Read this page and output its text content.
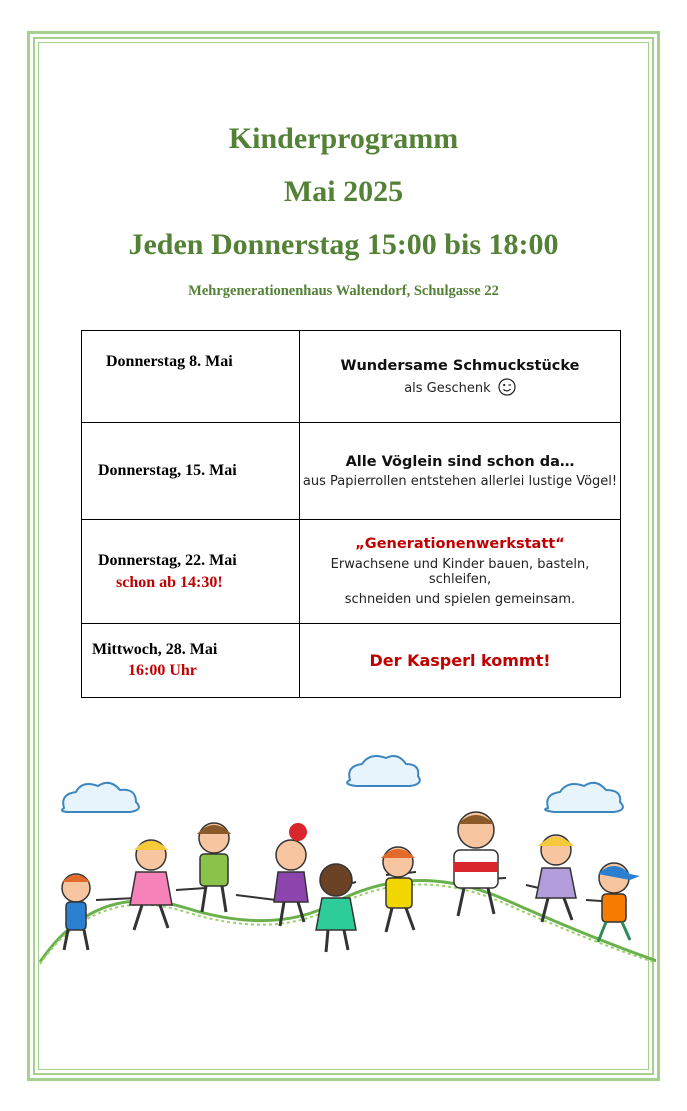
Kinderprogramm
Mai 2025
Jeden Donnerstag 15:00 bis 18:00
Mehrgenerationenhaus Waltendorf, Schulgasse 22
Donnerstag 8. Mai	Wundersame Schmuckstücke
als Geschenk

Donnerstag, 15. Mai	Alle Vöglein sind schon da…
aus Papierrollen entstehen allerlei lustige Vögel!

Donnerstag, 22. Mai
schon ab 14:30!	„Generationenwerkstatt“
Erwachsene und Kinder bauen, basteln, schleifen,
schneiden und spielen gemeinsam.

Mittwoch, 28. Mai
16:00 Uhr	Der Kasperl kommt!
